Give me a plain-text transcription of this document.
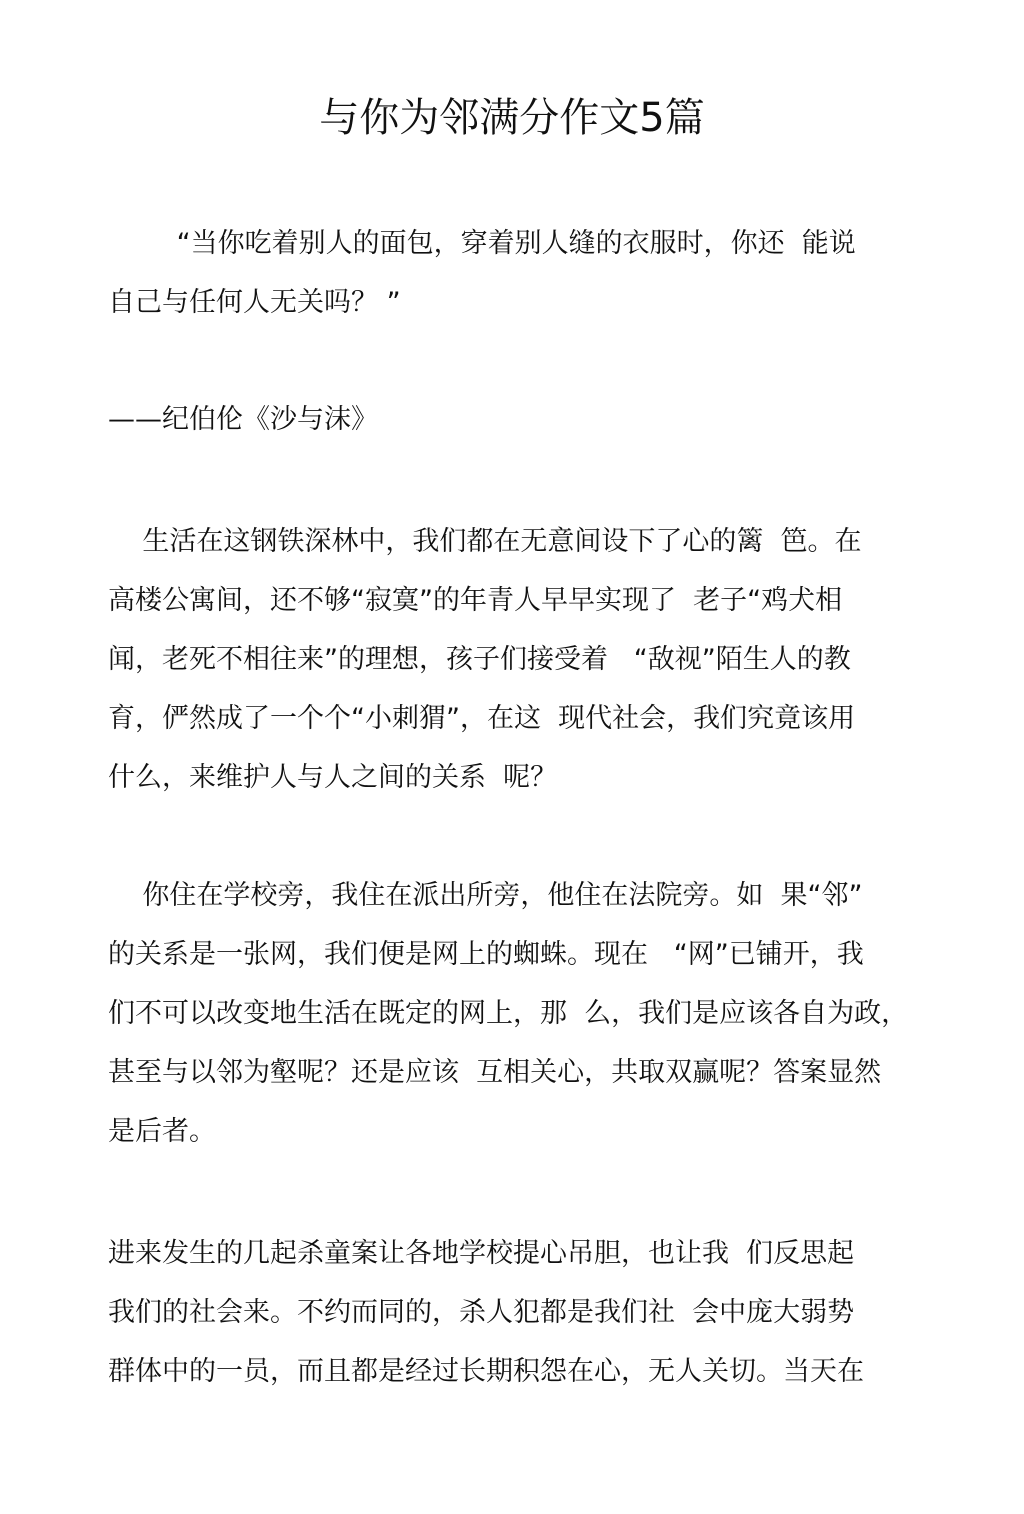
与你为邻满分作文5篇
“当你吃着别人的面包，穿着别人缝的衣服时，你还  能说
自己与任何人无关吗？ ”
——纪伯伦《沙与沫》
生活在这钢铁深林中，我们都在无意间设下了心的篱  笆。在
高楼公寓间，还不够“寂寞”的年青人早早实现了  老子“鸡犬相
闻，老死不相往来”的理想，孩子们接受着   “敌视”陌生人的教
育，俨然成了一个个“小刺猬”，在这  现代社会，我们究竟该用
什么，来维护人与人之间的关系  呢？
你住在学校旁，我住在派出所旁，他住在法院旁。如  果“邻”
的关系是一张网，我们便是网上的蜘蛛。现在   “网”已铺开，我
们不可以改变地生活在既定的网上，那  么，我们是应该各自为政，
甚至与以邻为壑呢？还是应该  互相关心，共取双赢呢？答案显然
是后者。
进来发生的几起杀童案让各地学校提心吊胆，也让我  们反思起
我们的社会来。不约而同的，杀人犯都是我们社  会中庞大弱势
群体中的一员，而且都是经过长期积怨在心，无人关切。当天在
